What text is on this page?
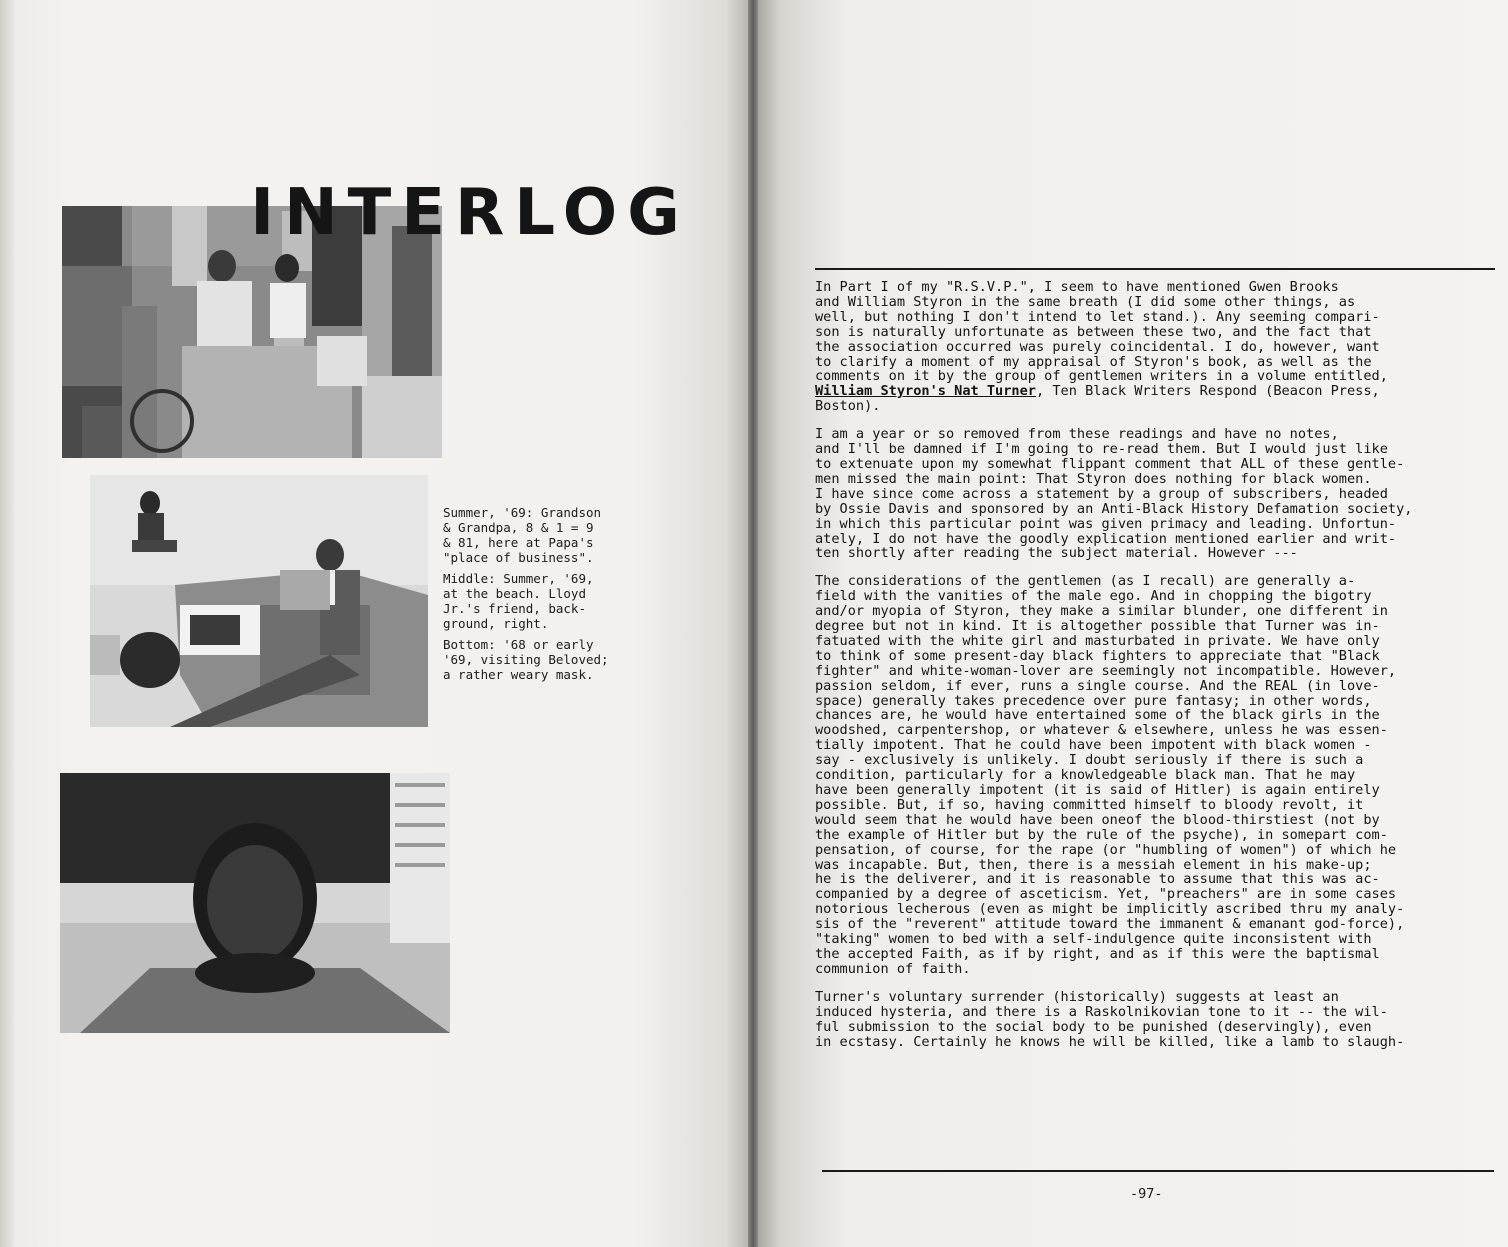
Summer, '69: Grandson
& Grandpa, 8 & 1 = 9
& 81, here at Papa's
"place of business".

Middle: Summer, '69,
at the beach. Lloyd
Jr.'s friend, back-
ground, right.

Bottom: '68 or early
'69, visiting Beloved;
a rather weary mask.

INTERLOG

In Part I of my "R.S.V.P.", I seem to have mentioned Gwen Brooks
and William Styron in the same breath (I did some other things, as
well, but nothing I don't intend to let stand.). Any seeming compari-
son is naturally unfortunate as between these two, and the fact that
the association occurred was purely coincidental. I do, however, want
to clarify a moment of my appraisal of Styron's book, as well as the
comments on it by the group of gentlemen writers in a volume entitled,
William Styron's Nat Turner, Ten Black Writers Respond (Beacon Press,
Boston).

I am a year or so removed from these readings and have no notes,
and I'll be damned if I'm going to re-read them. But I would just like
to extenuate upon my somewhat flippant comment that ALL of these gentle-
men missed the main point: That Styron does nothing for black women.
I have since come across a statement by a group of subscribers, headed
by Ossie Davis and sponsored by an Anti-Black History Defamation society,
in which this particular point was given primacy and leading. Unfortun-
ately, I do not have the goodly explication mentioned earlier and writ-
ten shortly after reading the subject material. However ---

The considerations of the gentlemen (as I recall) are generally a-
field with the vanities of the male ego. And in chopping the bigotry
and/or myopia of Styron, they make a similar blunder, one different in
degree but not in kind. It is altogether possible that Turner was in-
fatuated with the white girl and masturbated in private. We have only
to think of some present-day black fighters to appreciate that "Black
fighter" and white-woman-lover are seemingly not incompatible. However,
passion seldom, if ever, runs a single course. And the REAL (in love-
space) generally takes precedence over pure fantasy; in other words,
chances are, he would have entertained some of the black girls in the
woodshed, carpentershop, or whatever & elsewhere, unless he was essen-
tially impotent. That he could have been impotent with black women -
say - exclusively is unlikely. I doubt seriously if there is such a
condition, particularly for a knowledgeable black man. That he may
have been generally impotent (it is said of Hitler) is again entirely
possible. But, if so, having committed himself to bloody revolt, it
would seem that he would have been oneof the blood-thirstiest (not by
the example of Hitler but by the rule of the psyche), in somepart com-
pensation, of course, for the rape (or "humbling of women") of which he
was incapable. But, then, there is a messiah element in his make-up;
he is the deliverer, and it is reasonable to assume that this was ac-
companied by a degree of asceticism. Yet, "preachers" are in some cases
notorious lecherous (even as might be implicitly ascribed thru my analy-
sis of the "reverent" attitude toward the immanent & emanant god-force),
"taking" women to bed with a self-indulgence quite inconsistent with
the accepted Faith, as if by right, and as if this were the baptismal
communion of faith.

Turner's voluntary surrender (historically) suggests at least an
induced hysteria, and there is a Raskolnikovian tone to it -- the wil-
ful submission to the social body to be punished (deservingly), even
in ecstasy. Certainly he knows he will be killed, like a lamb to slaugh-

-97-
